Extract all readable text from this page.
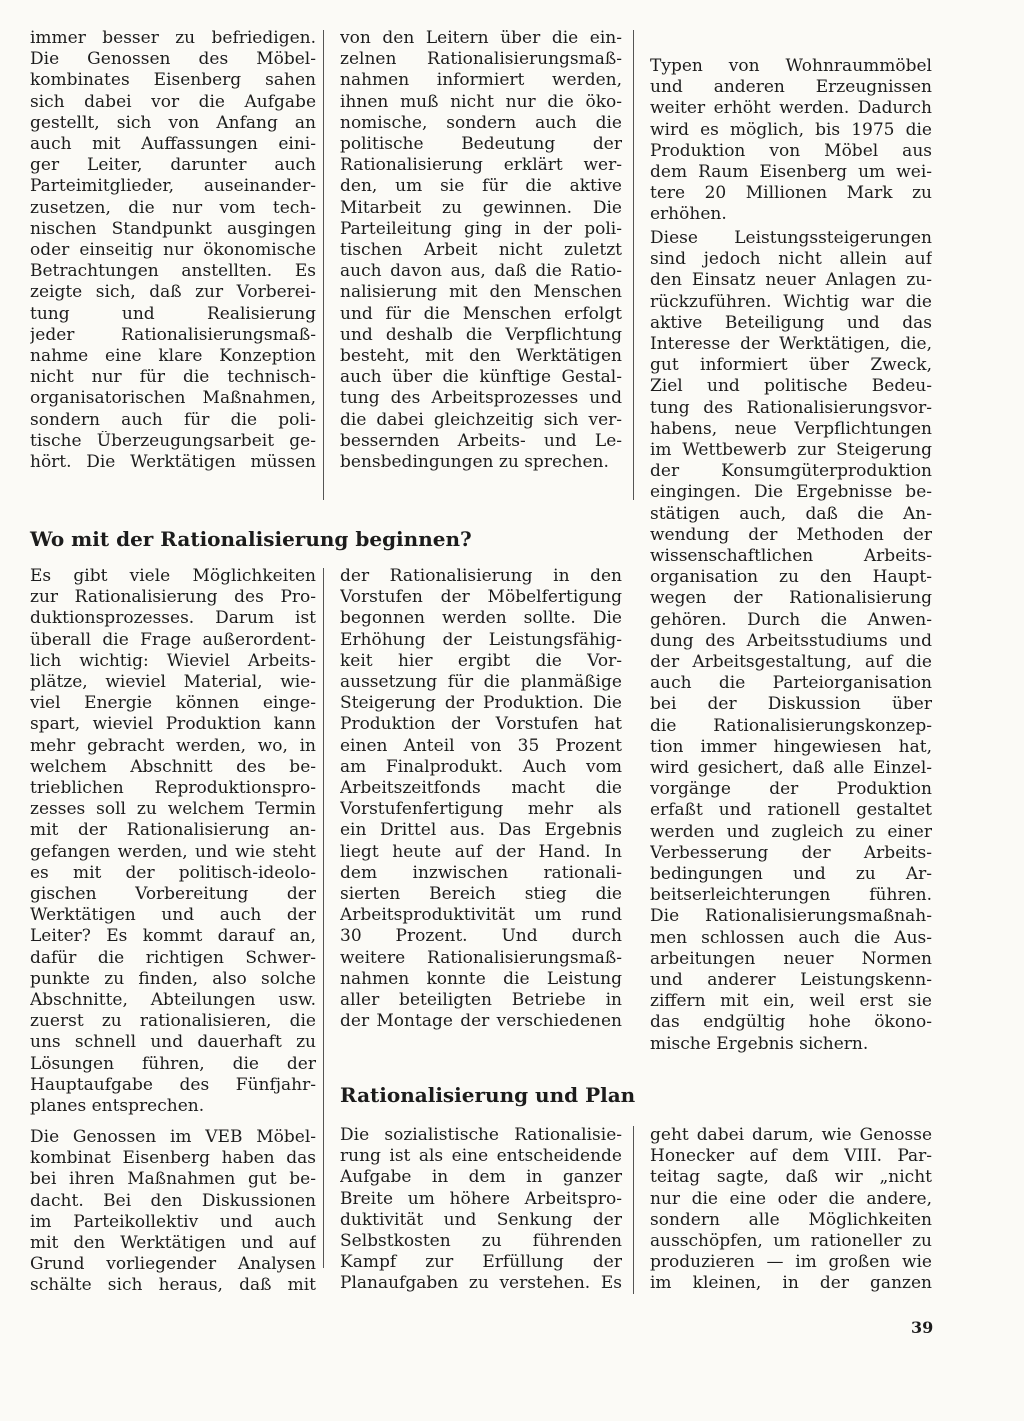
immer besser zu befriedigen.
Die Genossen des Möbel-
kombinates Eisenberg sahen
sich dabei vor die Aufgabe
gestellt, sich von Anfang an
auch mit Auffassungen eini-
ger Leiter, darunter auch
Parteimitglieder, auseinander-
zusetzen, die nur vom tech-
nischen Standpunkt ausgingen
oder einseitig nur ökonomische
Betrachtungen anstellten. Es
zeigte sich, daß zur Vorberei-
tung und Realisierung
jeder Rationalisierungsmaß-
nahme eine klare Konzeption
nicht nur für die technisch-
organisatorischen Maßnahmen,
sondern auch für die poli-
tische Überzeugungsarbeit ge-
hört. Die Werktätigen müssen
von den Leitern über die ein-
zelnen Rationalisierungsmaß-
nahmen informiert werden,
ihnen muß nicht nur die öko-
nomische, sondern auch die
politische Bedeutung der
Rationalisierung erklärt wer-
den, um sie für die aktive
Mitarbeit zu gewinnen. Die
Parteileitung ging in der poli-
tischen Arbeit nicht zuletzt
auch davon aus, daß die Ratio-
nalisierung mit den Menschen
und für die Menschen erfolgt
und deshalb die Verpflichtung
besteht, mit den Werktätigen
auch über die künftige Gestal-
tung des Arbeitsprozesses und
die dabei gleichzeitig sich ver-
bessernden Arbeits- und Le-
bensbedingungen zu sprechen.
Wo mit der Rationalisierung beginnen?
Es gibt viele Möglichkeiten
zur Rationalisierung des Pro-
duktionsprozesses. Darum ist
überall die Frage außerordent-
lich wichtig: Wieviel Arbeits-
plätze, wieviel Material, wie-
viel Energie können einge-
spart, wieviel Produktion kann
mehr gebracht werden, wo, in
welchem Abschnitt des be-
trieblichen Reproduktionspro-
zesses soll zu welchem Termin
mit der Rationalisierung an-
gefangen werden, und wie steht
es mit der politisch-ideolo-
gischen Vorbereitung der
Werktätigen und auch der
Leiter? Es kommt darauf an,
dafür die richtigen Schwer-
punkte zu finden, also solche
Abschnitte, Abteilungen usw.
zuerst zu rationalisieren, die
uns schnell und dauerhaft zu
Lösungen führen, die der
Hauptaufgabe des Fünfjahr-
planes entsprechen.
Die Genossen im VEB Möbel-
kombinat Eisenberg haben das
bei ihren Maßnahmen gut be-
dacht. Bei den Diskussionen
im Parteikollektiv und auch
mit den Werktätigen und auf
Grund vorliegender Analysen
schälte sich heraus, daß mit
der Rationalisierung in den
Vorstufen der Möbelfertigung
begonnen werden sollte. Die
Erhöhung der Leistungsfähig-
keit hier ergibt die Vor-
aussetzung für die planmäßige
Steigerung der Produktion. Die
Produktion der Vorstufen hat
einen Anteil von 35 Prozent
am Finalprodukt. Auch vom
Arbeitszeitfonds macht die
Vorstufenfertigung mehr als
ein Drittel aus. Das Ergebnis
liegt heute auf der Hand. In
dem inzwischen rationali-
sierten Bereich stieg die
Arbeitsproduktivität um rund
30 Prozent. Und durch
weitere Rationalisierungsmaß-
nahmen konnte die Leistung
aller beteiligten Betriebe in
der Montage der verschiedenen
Typen von Wohnraummöbel
und anderen Erzeugnissen
weiter erhöht werden. Dadurch
wird es möglich, bis 1975 die
Produktion von Möbel aus
dem Raum Eisenberg um wei-
tere 20 Millionen Mark zu
erhöhen.
Diese Leistungssteigerungen
sind jedoch nicht allein auf
den Einsatz neuer Anlagen zu-
rückzuführen. Wichtig war die
aktive Beteiligung und das
Interesse der Werktätigen, die,
gut informiert über Zweck,
Ziel und politische Bedeu-
tung des Rationalisierungsvor-
habens, neue Verpflichtungen
im Wettbewerb zur Steigerung
der Konsumgüterproduktion
eingingen. Die Ergebnisse be-
stätigen auch, daß die An-
wendung der Methoden der
wissenschaftlichen Arbeits-
organisation zu den Haupt-
wegen der Rationalisierung
gehören. Durch die Anwen-
dung des Arbeitsstudiums und
der Arbeitsgestaltung, auf die
auch die Parteiorganisation
bei der Diskussion über
die Rationalisierungskonzep-
tion immer hingewiesen hat,
wird gesichert, daß alle Einzel-
vorgänge der Produktion
erfaßt und rationell gestaltet
werden und zugleich zu einer
Verbesserung der Arbeits-
bedingungen und zu Ar-
beitserleichterungen führen.
Die Rationalisierungsmaßnah-
men schlossen auch die Aus-
arbeitungen neuer Normen
und anderer Leistungskenn-
ziffern mit ein, weil erst sie
das endgültig hohe ökono-
mische Ergebnis sichern.
Rationalisierung und Plan
Die sozialistische Rationalisie-
rung ist als eine entscheidende
Aufgabe in dem in ganzer
Breite um höhere Arbeitspro-
duktivität und Senkung der
Selbstkosten zu führenden
Kampf zur Erfüllung der
Planaufgaben zu verstehen. Es
geht dabei darum, wie Genosse
Honecker auf dem VIII. Par-
teitag sagte, daß wir „nicht
nur die eine oder die andere,
sondern alle Möglichkeiten
ausschöpfen, um rationeller zu
produzieren — im großen wie
im kleinen, in der ganzen
39
